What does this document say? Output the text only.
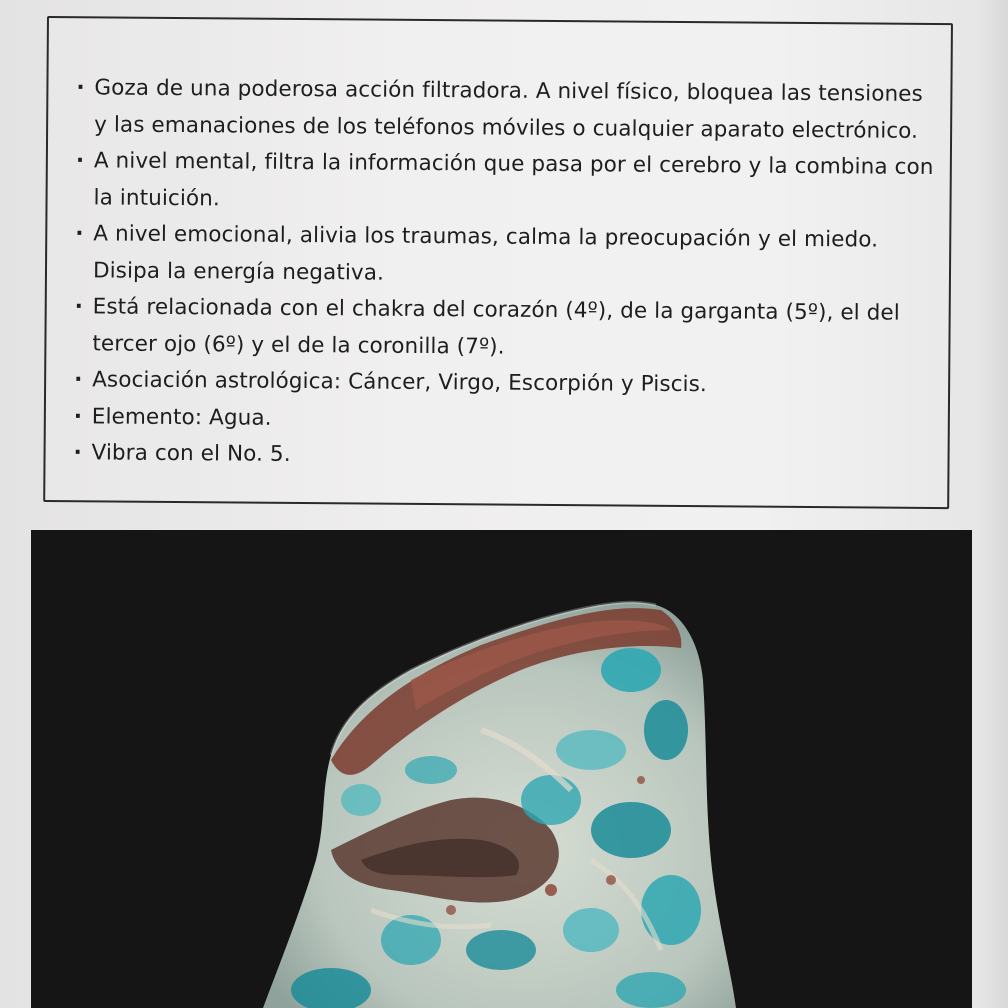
· Goza de una poderosa acción filtradora. A nivel físico, bloquea las tensiones y las emanaciones de los teléfonos móviles o cualquier aparato electrónico.
· A nivel mental, filtra la información que pasa por el cerebro y la combina con la intuición.
· A nivel emocional, alivia los traumas, calma la preocupación y el miedo. Disipa la energía negativa.
· Está relacionada con el chakra del corazón (4º), de la garganta (5º), el del tercer ojo (6º) y el de la coronilla (7º).
· Asociación astrológica: Cáncer, Virgo, Escorpión y Piscis.
· Elemento: Agua.
· Vibra con el No. 5.
